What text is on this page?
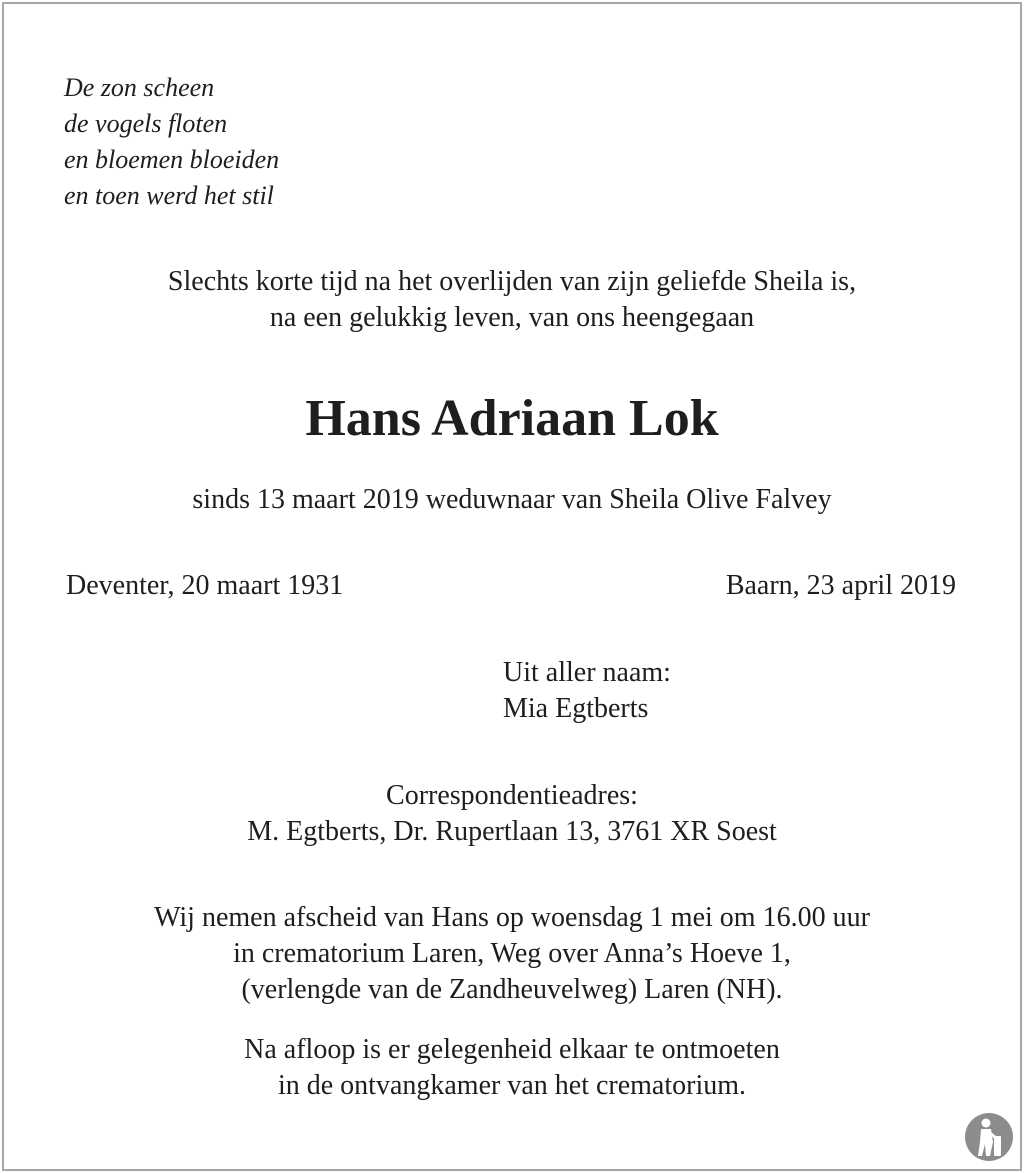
De zon scheen
de vogels floten
en bloemen bloeiden
en toen werd het stil
Slechts korte tijd na het overlijden van zijn geliefde Sheila is,
na een gelukkig leven, van ons heengegaan
Hans Adriaan Lok
sinds 13 maart 2019 weduwnaar van Sheila Olive Falvey
Deventer, 20 maart 1931	Baarn, 23 april 2019
Uit aller naam:
Mia Egtberts
Correspondentieadres:
M. Egtberts, Dr. Rupertlaan 13, 3761 XR Soest
Wij nemen afscheid van Hans op woensdag 1 mei om 16.00 uur
in crematorium Laren, Weg over Anna’s Hoeve 1,
(verlengde van de Zandheuvelweg) Laren (NH).
Na afloop is er gelegenheid elkaar te ontmoeten
in de ontvangkamer van het crematorium.
